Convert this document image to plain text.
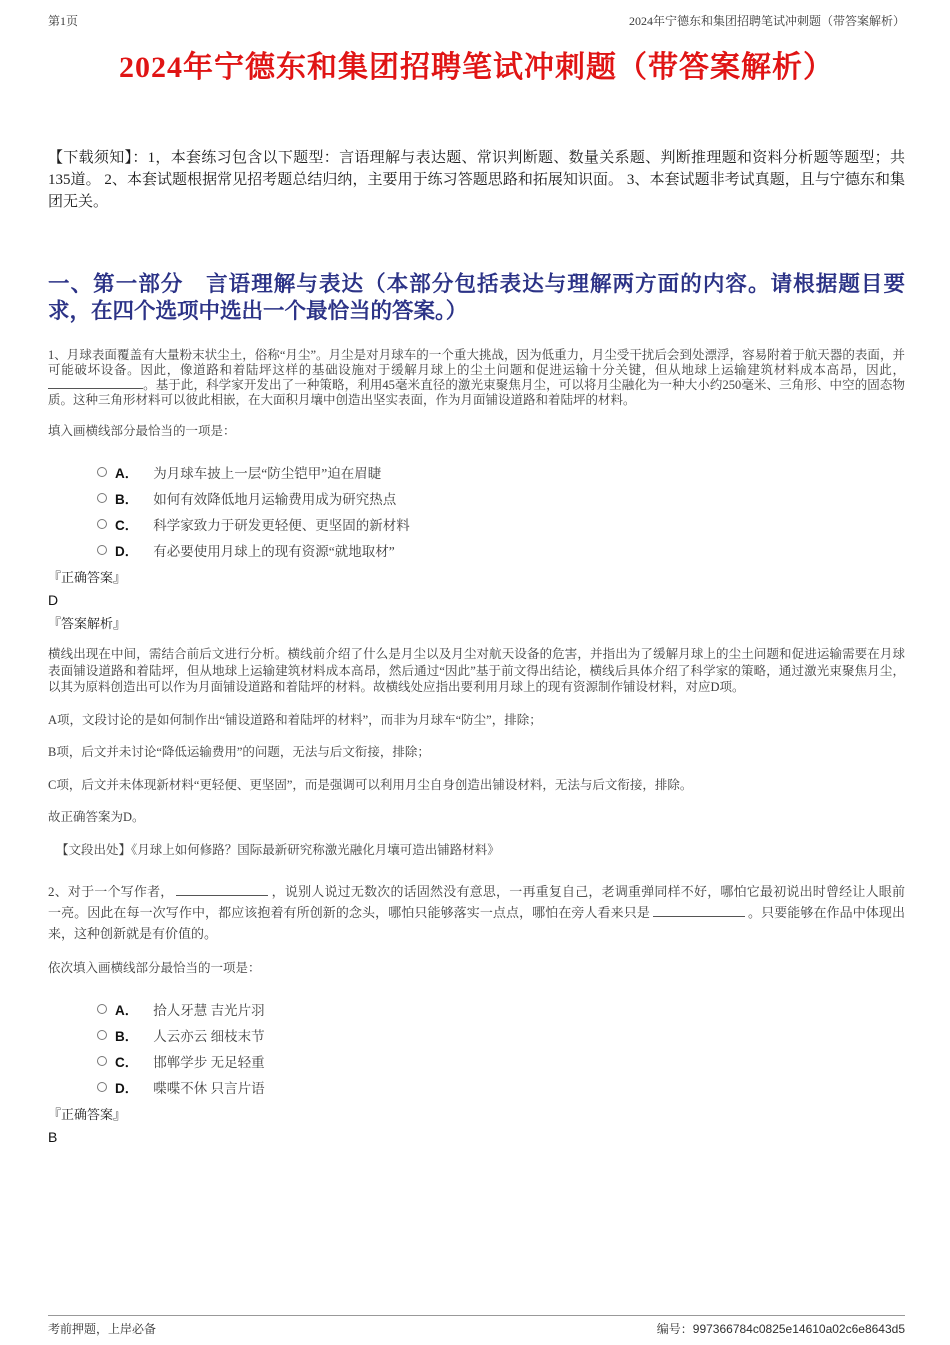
第1页	2024年宁德东和集团招聘笔试冲刺题（带答案解析）
2024年宁德东和集团招聘笔试冲刺题（带答案解析）

【下载须知】：1，本套练习包含以下题型：言语理解与表达题、常识判断题、数量关系题、判断推理题和资料分析题等题型；共135道。 2、本套试题根据常见招考题总结归纳，主要用于练习答题思路和拓展知识面。 3、本套试题非考试真题，且与宁德东和集团无关。

一、第一部分　言语理解与表达（本部分包括表达与理解两方面的内容。请根据题目要求，在四个选项中选出一个最恰当的答案。）

1、月球表面覆盖有大量粉末状尘土，俗称“月尘”。月尘是对月球车的一个重大挑战，因为低重力，月尘受干扰后会到处漂浮，容易附着于航天器的表面，并可能破坏设备。因此，像道路和着陆坪这样的基础设施对于缓解月球上的尘土问题和促进运输十分关键，但从地球上运输建筑材料成本高昂，因此，。基于此，科学家开发出了一种策略，利用45毫米直径的激光束聚焦月尘，可以将月尘融化为一种大小约250毫米、三角形、中空的固态物质。这种三角形材料可以彼此相嵌，在大面积月壤中创造出坚实表面，作为月面铺设道路和着陆坪的材料。

填入画横线部分最恰当的一项是：

A． 为月球车披上一层“防尘铠甲”迫在眉睫
B． 如何有效降低地月运输费用成为研究热点
C． 科学家致力于研发更轻便、更坚固的新材料
D． 有必要使用月球上的现有资源“就地取材”

『正确答案』

D

『答案解析』

横线出现在中间，需结合前后文进行分析。横线前介绍了什么是月尘以及月尘对航天设备的危害，并指出为了缓解月球上的尘土问题和促进运输需要在月球表面铺设道路和着陆坪，但从地球上运输建筑材料成本高昂，然后通过“因此”基于前文得出结论，横线后具体介绍了科学家的策略，通过激光束聚焦月尘，以其为原料创造出可以作为月面铺设道路和着陆坪的材料。故横线处应指出要利用月球上的现有资源制作铺设材料，对应D项。

A项，文段讨论的是如何制作出“铺设道路和着陆坪的材料”，而非为月球车“防尘”，排除；

B项，后文并未讨论“降低运输费用”的问题，无法与后文衔接，排除；

C项，后文并未体现新材料“更轻便、更坚固”，而是强调可以利用月尘自身创造出铺设材料，无法与后文衔接，排除。

故正确答案为D。

【文段出处】《月球上如何修路？国际最新研究称激光融化月壤可造出铺路材料》

2、对于一个写作者，	，说别人说过无数次的话固然没有意思，一再重复自己，老调重弹同样不好，哪怕它最初说出时曾经让人眼前一亮。因此在每一次写作中，都应该抱着有所创新的念头，哪怕只能够落实一点点，哪怕在旁人看来只是	。只要能够在作品中体现出来，这种创新就是有价值的。

依次填入画横线部分最恰当的一项是：

A． 拾人牙慧 吉光片羽
B． 人云亦云 细枝末节
C． 邯郸学步 无足轻重
D． 喋喋不休 只言片语

『正确答案』

B

考前押题，上岸必备	编号：997366784c0825e14610a02c6e8643d5
